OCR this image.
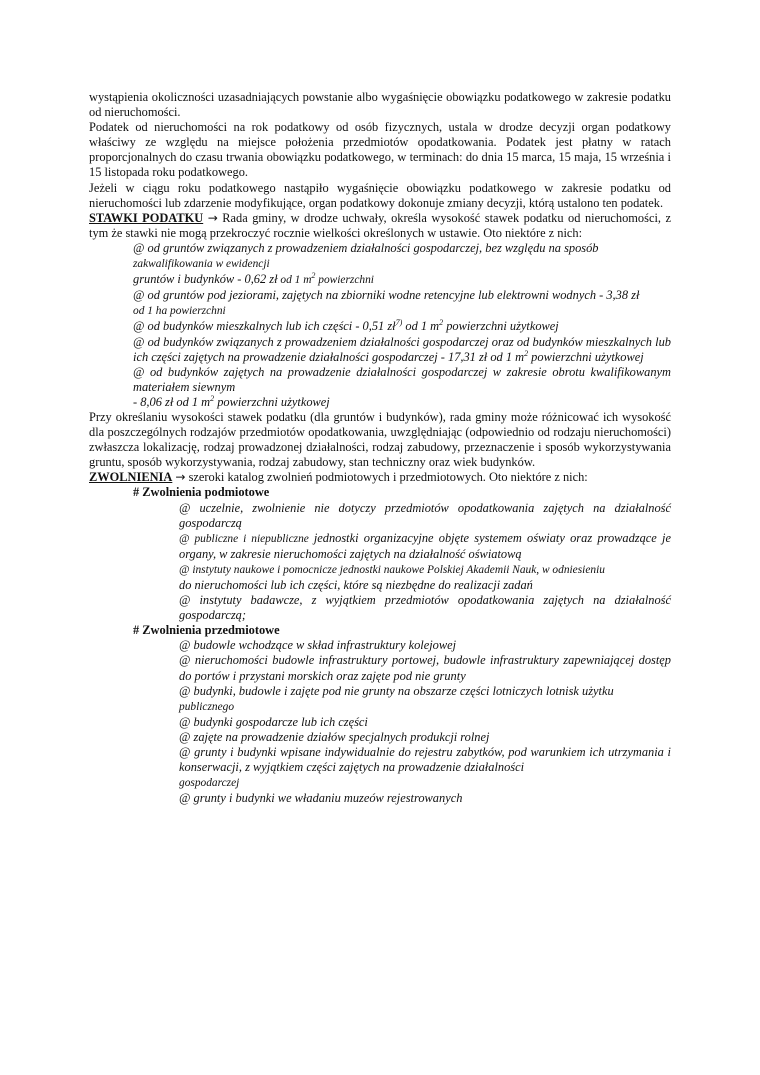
wystąpienia okoliczności uzasadniających powstanie albo wygaśnięcie obowiązku podatkowego w zakresie podatku od nieruchomości.

Podatek od nieruchomości na rok podatkowy od osób fizycznych, ustala w drodze decyzji organ podatkowy właściwy ze względu na miejsce położenia przedmiotów opodatkowania. Podatek jest płatny w ratach proporcjonalnych do czasu trwania obowiązku podatkowego, w terminach: do dnia 15 marca, 15 maja, 15 września i 15 listopada roku podatkowego.

Jeżeli w ciągu roku podatkowego nastąpiło wygaśnięcie obowiązku podatkowego w zakresie podatku od nieruchomości lub zdarzenie modyfikujące, organ podatkowy dokonuje zmiany decyzji, którą ustalono ten podatek.

STAWKI PODATKU → Rada gminy, w drodze uchwały, określa wysokość stawek podatku od nieruchomości, z tym że stawki nie mogą przekroczyć rocznie wielkości określonych w ustawie. Oto niektóre z nich:

@ od gruntów związanych z prowadzeniem działalności gospodarczej, bez względu na sposób
zakwalifikowania w ewidencji
gruntów i budynków - 0,62 zł od 1 $m^2$ powierzchni

@ od gruntów pod jeziorami, zajętych na zbiorniki wodne retencyjne lub elektrowni wodnych - 3,38 zł
od 1 ha powierzchni

@ od budynków mieszkalnych lub ich części - 0,51 $zł^{7)}$ od 1 $m^2$ powierzchni użytkowej

@ od budynków związanych z prowadzeniem działalności gospodarczej oraz od budynków mieszkalnych lub ich części zajętych na prowadzenie działalności gospodarczej - 17,31 zł od 1 $m^2$ powierzchni użytkowej

@ od budynków zajętych na prowadzenie działalności gospodarczej w zakresie obrotu kwalifikowanym materiałem siewnym
- 8,06 zł od 1 $m^2$ powierzchni użytkowej

Przy określaniu wysokości stawek podatku (dla gruntów i budynków), rada gminy może różnicować ich wysokość dla poszczególnych rodzajów przedmiotów opodatkowania, uwzględniając (odpowiednio od rodzaju nieruchomości) zwłaszcza lokalizację, rodzaj prowadzonej działalności, rodzaj zabudowy, przeznaczenie i sposób wykorzystywania gruntu, sposób wykorzystywania, rodzaj zabudowy, stan techniczny oraz wiek budynków.

ZWOLNIENIA → szeroki katalog zwolnień podmiotowych i przedmiotowych. Oto niektóre z nich:

# Zwolnienia podmiotowe

@ uczelnie, zwolnienie nie dotyczy przedmiotów opodatkowania zajętych na działalność gospodarczą

@ publiczne i niepubliczne jednostki organizacyjne objęte systemem oświaty oraz prowadzące je organy, w zakresie nieruchomości zajętych na działalność oświatową

@ instytuty naukowe i pomocnicze jednostki naukowe Polskiej Akademii Nauk, w odniesieniu
do nieruchomości lub ich części, które są niezbędne do realizacji zadań

@ instytuty badawcze, z wyjątkiem przedmiotów opodatkowania zajętych na działalność gospodarczą;

# Zwolnienia przedmiotowe

@ budowle wchodzące w skład infrastruktury kolejowej

@ nieruchomości budowle infrastruktury portowej, budowle infrastruktury zapewniającej dostęp do portów i przystani morskich oraz zajęte pod nie grunty

@ budynki, budowle i zajęte pod nie grunty na obszarze części lotniczych lotnisk użytku
publicznego

@ budynki gospodarcze lub ich części

@ zajęte na prowadzenie działów specjalnych produkcji rolnej

@ grunty i budynki wpisane indywidualnie do rejestru zabytków, pod warunkiem ich utrzymania i konserwacji, z wyjątkiem części zajętych na prowadzenie działalności
gospodarczej

@ grunty i budynki we władaniu muzeów rejestrowanych
